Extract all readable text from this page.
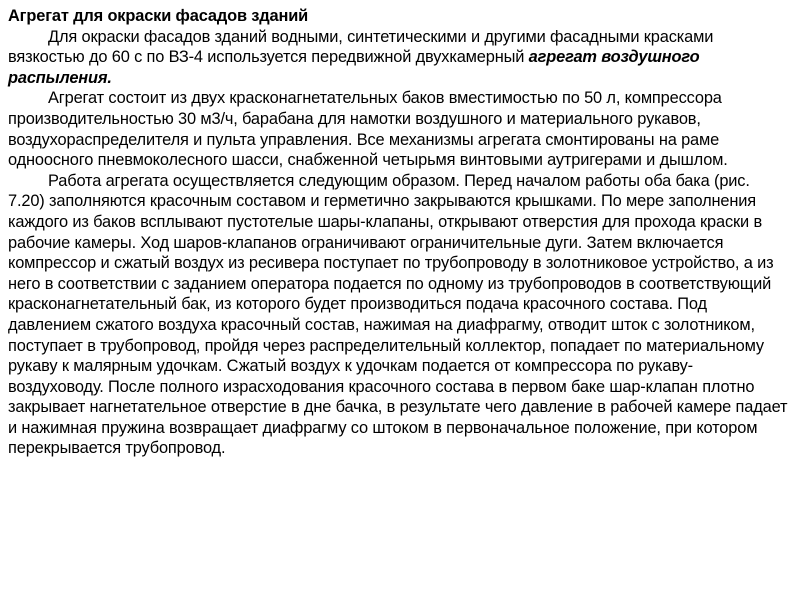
Агрегат для окраски фасадов зданий

Для окраски фасадов зданий водными, синтетическими и другими фасадными красками вязкостью до 60 с по ВЗ-4 используется передвижной двухкамерный агрегат воздушного распыления.

Агрегат состоит из двух красконагнетательных баков вместимостью по 50 л, компрессора производительностью 30 м3/ч, барабана для намотки воздушного и материального рукавов, воздухораспределителя и пульта управления. Все механизмы агрегата смонтированы на раме одноосного пневмоколесного шасси, снабженной четырьмя винтовыми аутригерами и дышлом.

Работа агрегата осуществляется следующим образом. Перед началом работы оба бака (рис. 7.20) заполняются красочным составом и герметично закрываются крышками. По мере заполнения каждого из баков всплывают пустотелые шары-клапаны, открывают отверстия для прохода краски в рабочие камеры. Ход шаров-клапанов ограничивают ограничительные дуги. Затем включается компрессор и сжатый воздух из ресивера поступает по трубопроводу в золотниковое устройство, а из него в соответствии с заданием оператора подается по одному из трубопроводов в соответствующий красконагнетательный бак, из которого будет производиться подача красочного состава. Под давлением сжатого воздуха красочный состав, нажимая на диафрагму, отводит шток с золотником, поступает в трубопровод, пройдя через распределительный коллектор, попадает по материальному рукаву к малярным удочкам. Сжатый воздух к удочкам подается от компрессора по рукаву-воздуховоду. После полного израсходования красочного состава в первом баке шар-клапан плотно закрывает нагнетательное отверстие в дне бачка, в результате чего давление в рабочей камере падает и нажимная пружина возвращает диафрагму со штоком в первоначальное положение, при котором перекрывается трубопровод.
